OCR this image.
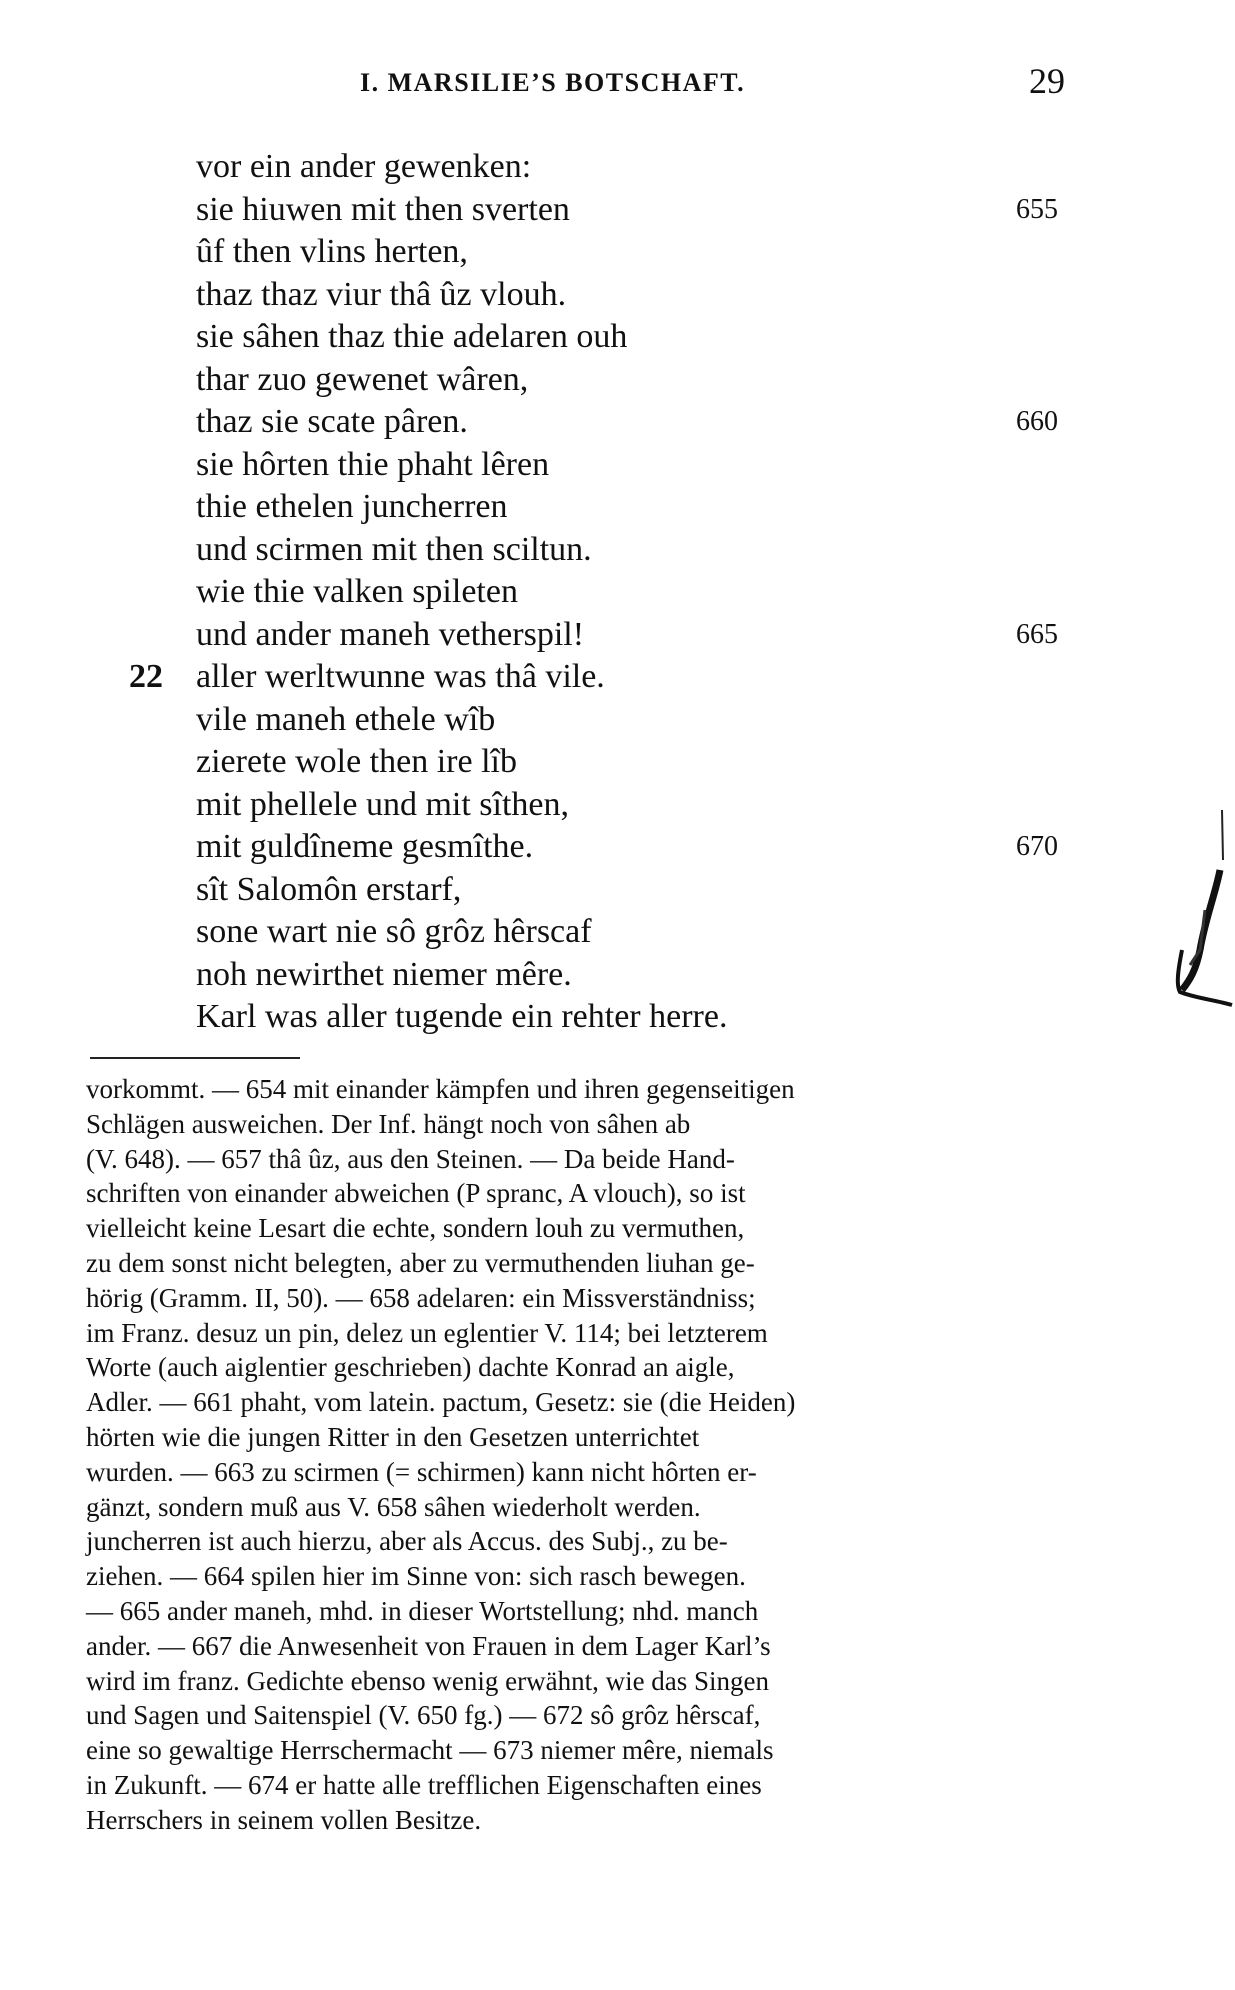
I. MARSILIE’S BOTSCHAFT.	29
vor ein ander gewenken:
sie hiuwen mit then sverten	655
ûf then vlins herten,
thaz thaz viur thâ ûz vlouh.
sie sâhen thaz thie adelaren ouh
thar zuo gewenet wâren,
thaz sie scate pâren.	660
sie hôrten thie phaht lêren
thie ethelen juncherren
und scirmen mit then sciltun.
wie thie valken spileten
und ander maneh vetherspil!	665
22 aller werltwunne was thâ vile.
vile maneh ethele wîb
zierete wole then ire lîb
mit phellele und mit sîthen,
mit guldîneme gesmîthe.	670
sît Salomôn erstarf,
sone wart nie sô grôz hêrscaf
noh newirthet niemer mêre.
Karl was aller tugende ein rehter herre.
vorkommt. — 654 mit einander kämpfen und ihren gegenseitigen
Schlägen ausweichen. Der Inf. hängt noch von sâhen ab
(V. 648). — 657 thâ ûz, aus den Steinen. — Da beide Hand-
schriften von einander abweichen (P spranc, A vlouch), so ist
vielleicht keine Lesart die echte, sondern louh zu vermuthen,
zu dem sonst nicht belegten, aber zu vermuthenden liuhan ge-
hörig (Gramm. II, 50). — 658 adelaren: ein Missverständniss;
im Franz. desuz un pin, delez un eglentier V. 114; bei letzterem
Worte (auch aiglentier geschrieben) dachte Konrad an aigle,
Adler. — 661 phaht, vom latein. pactum, Gesetz: sie (die Heiden)
hörten wie die jungen Ritter in den Gesetzen unterrichtet
wurden. — 663 zu scirmen (= schirmen) kann nicht hôrten er-
gänzt, sondern muß aus V. 658 sâhen wiederholt werden.
juncherren ist auch hierzu, aber als Accus. des Subj., zu be-
ziehen. — 664 spilen hier im Sinne von: sich rasch bewegen.
— 665 ander maneh, mhd. in dieser Wortstellung; nhd. manch
ander. — 667 die Anwesenheit von Frauen in dem Lager Karl’s
wird im franz. Gedichte ebenso wenig erwähnt, wie das Singen
und Sagen und Saitenspiel (V. 650 fg.) — 672 sô grôz hêrscaf,
eine so gewaltige Herrschermacht — 673 niemer mêre, niemals
in Zukunft. — 674 er hatte alle trefflichen Eigenschaften eines
Herrschers in seinem vollen Besitze.
